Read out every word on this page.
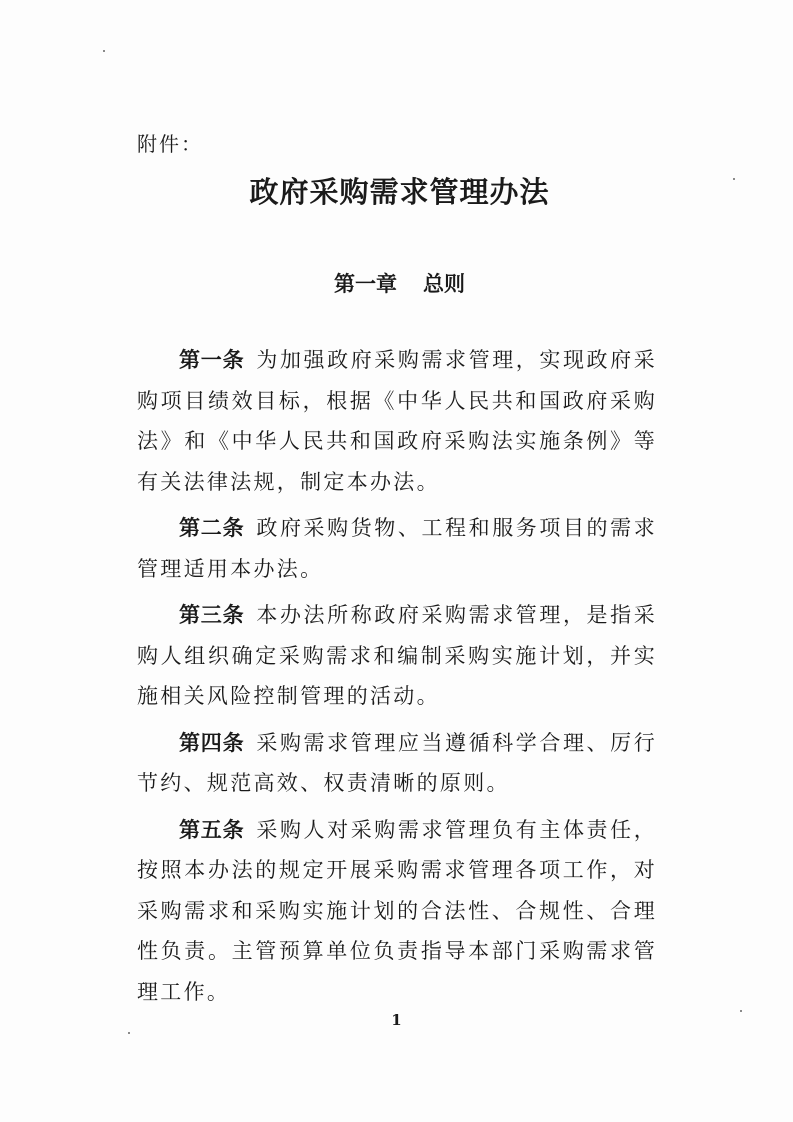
附件：
政府采购需求管理办法
第一章 总则

第一条 为加强政府采购需求管理，实现政府采购项目绩效目标，根据《中华人民共和国政府采购法》和《中华人民共和国政府采购法实施条例》等有关法律法规，制定本办法。

第二条 政府采购货物、工程和服务项目的需求管理适用本办法。

第三条 本办法所称政府采购需求管理，是指采购人组织确定采购需求和编制采购实施计划，并实施相关风险控制管理的活动。

第四条 采购需求管理应当遵循科学合理、厉行节约、规范高效、权责清晰的原则。

第五条 采购人对采购需求管理负有主体责任，按照本办法的规定开展采购需求管理各项工作，对采购需求和采购实施计划的合法性、合规性、合理性负责。主管预算单位负责指导本部门采购需求管理工作。

1
